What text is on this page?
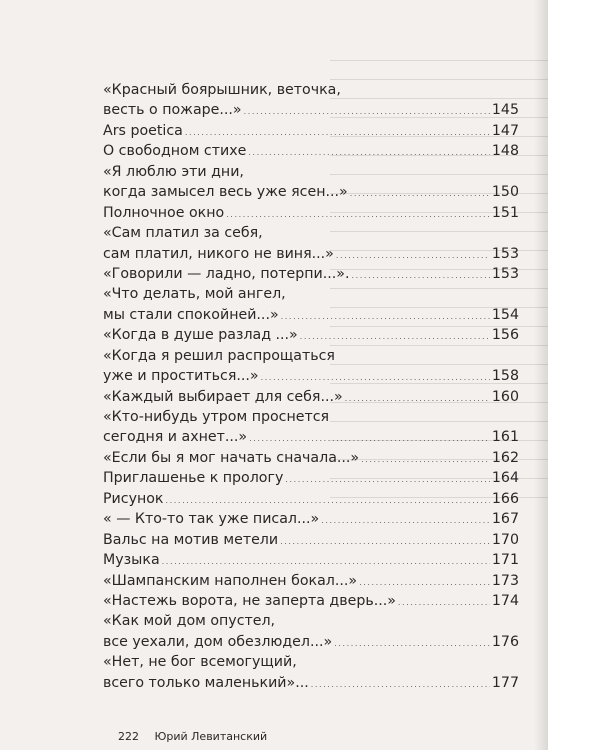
«Красный боярышник, веточка,
весть о пожаре...» .....	145
Ars poetica .....	147
О свободном стихе .....	148
«Я люблю эти дни,
когда замысел весь уже ясен...» .....	150
Полночное окно .....	151
«Сам платил за себя,
сам платил, никого не виня...» .....	153
«Говорили — ладно, потерпи...». .....	153
«Что делать, мой ангел,
мы стали спокойней...» .....	154
«Когда в душе разлад ...» .....	156
«Когда я решил распрощаться
уже и проститься...» .....	158
«Каждый выбирает для себя...» .....	160
«Кто-нибудь утром проснется
сегодня и ахнет...» .....	161
«Если бы я мог начать сначала...» .....	162
Приглашенье к прологу .....	164
Рисунок .....	166
« — Кто-то так уже писал...» .....	167
Вальс на мотив метели .....	170
Музыка .....	171
«Шампанским наполнен бокал...» .....	173
«Настежь ворота, не заперта дверь...» .....	174
«Как мой дом опустел,
все уехали, дом обезлюдел...» .....	176
«Нет, не бог всемогущий,
всего только маленький»... .....	177
222 Юрий Левитанский
